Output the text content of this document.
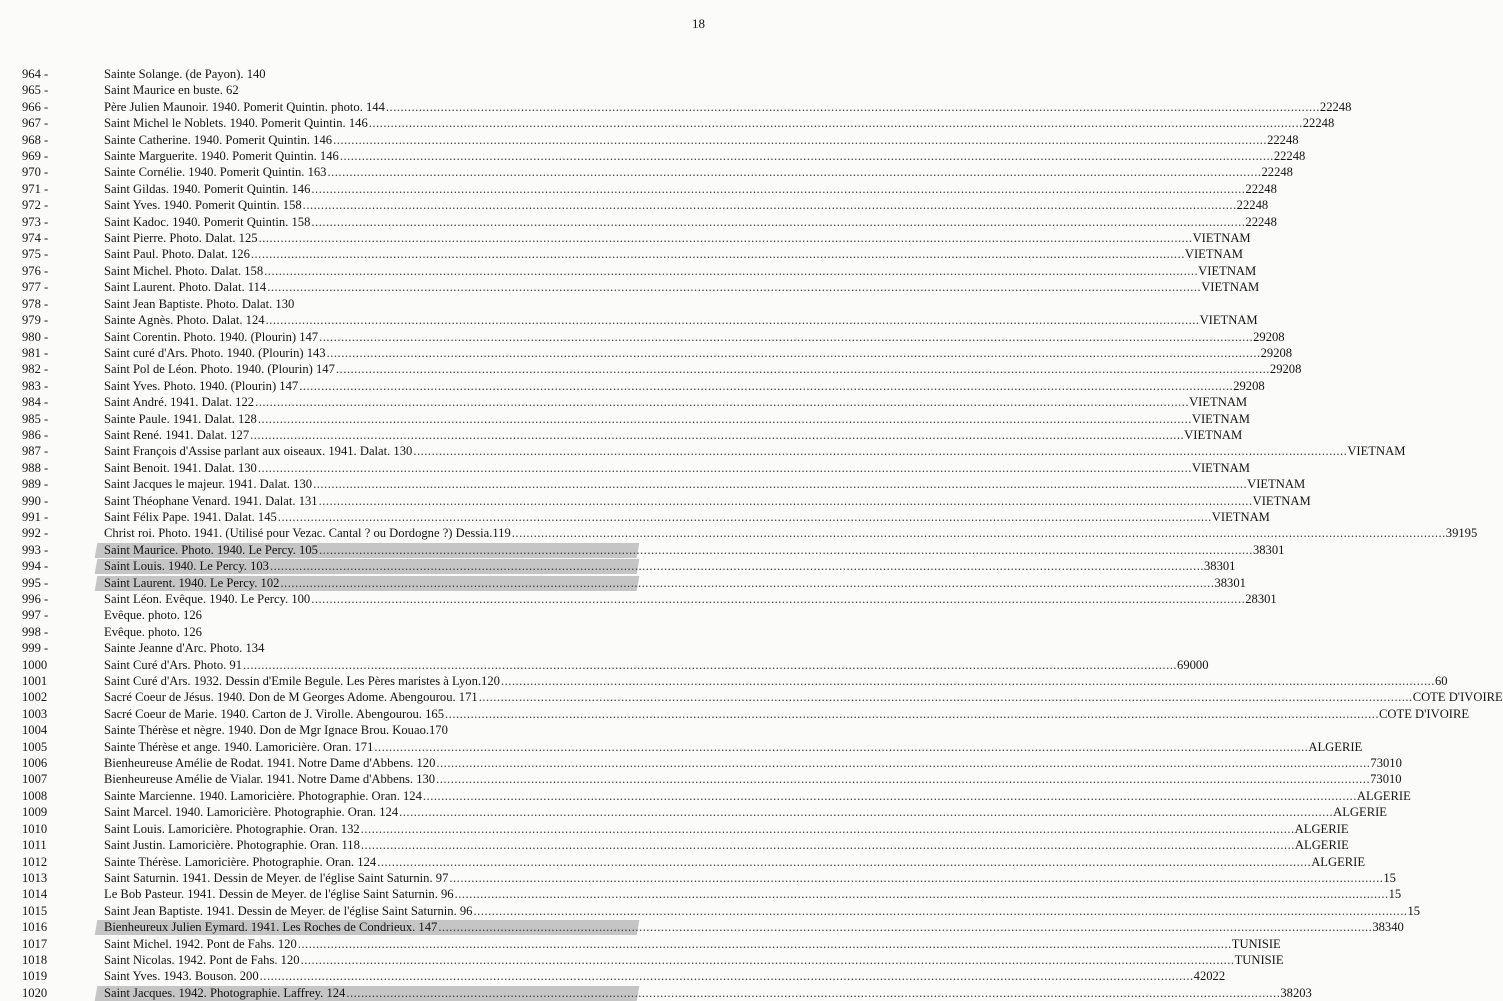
18
964 -	Sainte Solange. (de Payon). 140
965 -	Saint Maurice en buste. 62
966 -	Père Julien Maunoir. 1940. Pomerit Quintin. photo. 144 .....	22248
967 -	Saint Michel le Noblets. 1940. Pomerit Quintin. 146 .....	22248
968 -	Sainte Catherine. 1940. Pomerit Quintin. 146 .....	22248
969 -	Sainte Marguerite. 1940. Pomerit Quintin. 146 .....	22248
970 -	Sainte Cornélie. 1940. Pomerit Quintin. 163 .....	22248
971 -	Saint Gildas. 1940. Pomerit Quintin. 146 .....	22248
972 -	Saint Yves. 1940. Pomerit Quintin. 158 .....	22248
973 -	Saint Kadoc. 1940. Pomerit Quintin. 158 .....	22248
974 -	Saint Pierre. Photo. Dalat. 125 .....	VIETNAM
975 -	Saint Paul. Photo. Dalat. 126 .....	VIETNAM
976 -	Saint Michel. Photo. Dalat. 158 .....	VIETNAM
977 -	Saint Laurent. Photo. Dalat. 114 .....	VIETNAM
978 -	Saint Jean Baptiste. Photo. Dalat. 130
979 -	Sainte Agnès. Photo. Dalat. 124 .....	VIETNAM
980 -	Saint Corentin. Photo. 1940. (Plourin) 147 .....	29208
981 -	Saint curé d'Ars. Photo. 1940. (Plourin) 143 .....	29208
982 -	Saint Pol de Léon. Photo. 1940. (Plourin) 147 .....	29208
983 -	Saint Yves. Photo. 1940. (Plourin) 147 .....	29208
984 -	Saint André. 1941. Dalat. 122 .....	VIETNAM
985 -	Sainte Paule. 1941. Dalat. 128 .....	VIETNAM
986 -	Saint René. 1941. Dalat. 127 .....	VIETNAM
987 -	Saint François d'Assise parlant aux oiseaux. 1941. Dalat. 130 .....	VIETNAM
988 -	Saint Benoit. 1941. Dalat. 130 .....	VIETNAM
989 -	Saint Jacques le majeur. 1941. Dalat. 130 .....	VIETNAM
990 -	Saint Théophane Venard. 1941. Dalat. 131 .....	VIETNAM
991 -	Saint Félix Pape. 1941. Dalat. 145 .....	VIETNAM
992 -	Christ roi. Photo. 1941. (Utilisé pour Vezac. Cantal ? ou Dordogne ?) Dessia.119 .....	39195
993 -	Saint Maurice. Photo. 1940. Le Percy. 105 .....	38301
994 -	Saint Louis. 1940. Le Percy. 103 .....	38301
995 -	Saint Laurent. 1940. Le Percy. 102 .....	38301
996 -	Saint Léon. Evêque. 1940. Le Percy. 100 .....	28301
997 -	Evêque. photo. 126
998 -	Evêque. photo. 126
999 -	Sainte Jeanne d'Arc. Photo. 134
1000	Saint Curé d'Ars. Photo. 91 .....	69000
1001	Saint Curé d'Ars. 1932. Dessin d'Emile Begule. Les Pères maristes à Lyon.120 .....	60
1002	Sacré Coeur de Jésus. 1940. Don de M Georges Adome. Abengourou. 171 .....	COTE D'IVOIRE
1003	Sacré Coeur de Marie. 1940. Carton de J. Virolle. Abengourou. 165 .....	COTE D'IVOIRE
1004	Sainte Thérèse et nègre. 1940. Don de Mgr Ignace Brou. Kouao.170
1005	Sainte Thérèse et ange. 1940. Lamoricière. Oran. 171 .....	ALGERIE
1006	Bienheureuse Amélie de Rodat. 1941. Notre Dame d'Abbens. 120 .....	73010
1007	Bienheureuse Amélie de Vialar. 1941. Notre Dame d'Abbens. 130 .....	73010
1008	Sainte Marcienne. 1940. Lamoricière. Photographie. Oran. 124 .....	ALGERIE
1009	Saint Marcel. 1940. Lamoricière. Photographie. Oran. 124 .....	ALGERIE
1010	Saint Louis. Lamoricière. Photographie. Oran. 132 .....	ALGERIE
1011	Saint Justin. Lamoricière. Photographie. Oran. 118 .....	ALGERIE
1012	Sainte Thérèse. Lamoricière. Photographie. Oran. 124 .....	ALGERIE
1013	Saint Saturnin. 1941. Dessin de Meyer. de l'église Saint Saturnin. 97 .....	15
1014	Le Bob Pasteur. 1941. Dessin de Meyer. de l'église Saint Saturnin. 96 .....	15
1015	Saint Jean Baptiste. 1941. Dessin de Meyer. de l'église Saint Saturnin. 96 .....	15
1016	Bienheureux Julien Eymard. 1941. Les Roches de Condrieux. 147 .....	38340
1017	Saint Michel. 1942. Pont de Fahs. 120 .....	TUNISIE
1018	Saint Nicolas. 1942. Pont de Fahs. 120 .....	TUNISIE
1019	Saint Yves. 1943. Bouson. 200 .....	42022
1020	Saint Jacques. 1942. Photographie. Laffrey. 124 .....	38203
